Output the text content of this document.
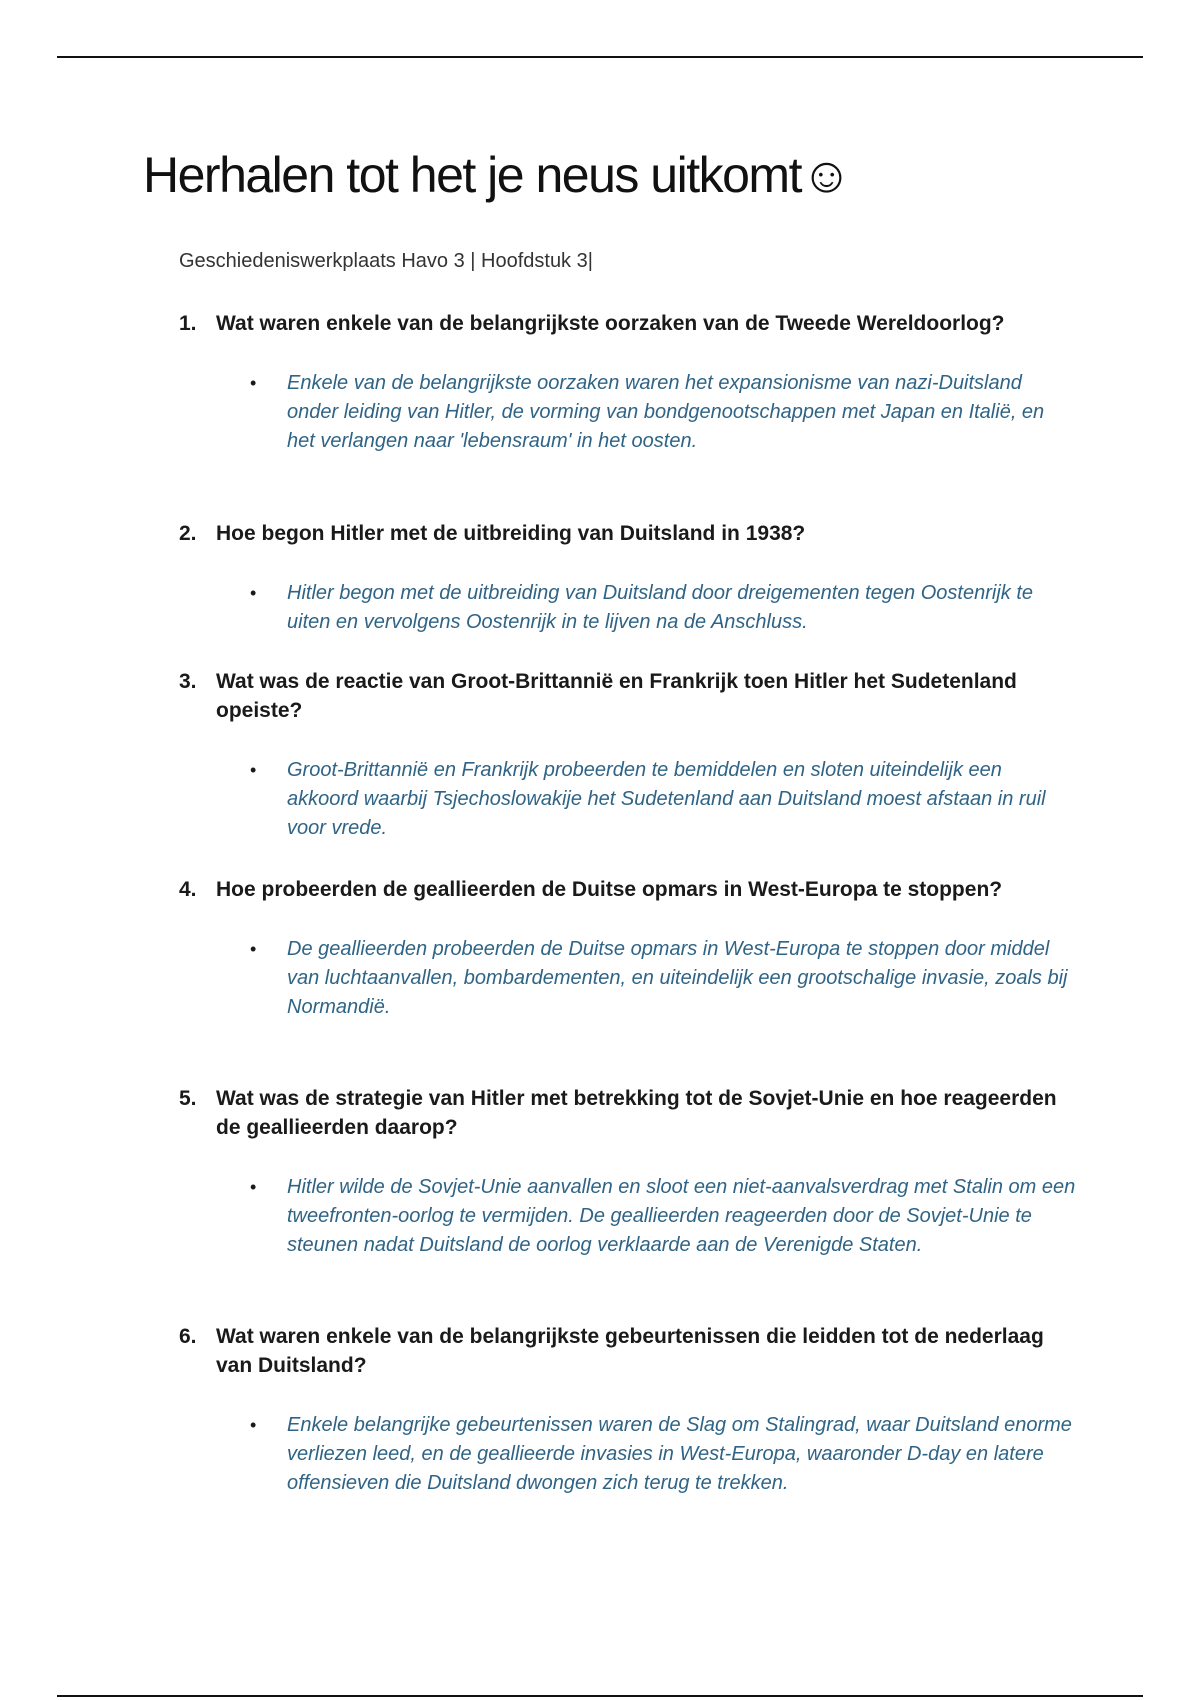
Herhalen tot het je neus uitkomt☺

Geschiedeniswerkplaats Havo 3 | Hoofdstuk 3|

1. Wat waren enkele van de belangrijkste oorzaken van de Tweede Wereldoorlog?

• Enkele van de belangrijkste oorzaken waren het expansionisme van nazi-Duitsland onder leiding van Hitler, de vorming van bondgenootschappen met Japan en Italië, en het verlangen naar 'lebensraum' in het oosten.

2. Hoe begon Hitler met de uitbreiding van Duitsland in 1938?

• Hitler begon met de uitbreiding van Duitsland door dreigementen tegen Oostenrijk te uiten en vervolgens Oostenrijk in te lijven na de Anschluss.

3. Wat was de reactie van Groot-Brittannië en Frankrijk toen Hitler het Sudetenland opeiste?

• Groot-Brittannië en Frankrijk probeerden te bemiddelen en sloten uiteindelijk een akkoord waarbij Tsjechoslowakije het Sudetenland aan Duitsland moest afstaan in ruil voor vrede.

4. Hoe probeerden de geallieerden de Duitse opmars in West-Europa te stoppen?

• De geallieerden probeerden de Duitse opmars in West-Europa te stoppen door middel van luchtaanvallen, bombardementen, en uiteindelijk een grootschalige invasie, zoals bij Normandië.

5. Wat was de strategie van Hitler met betrekking tot de Sovjet-Unie en hoe reageerden de geallieerden daarop?

• Hitler wilde de Sovjet-Unie aanvallen en sloot een niet-aanvalsverdrag met Stalin om een tweefronten-oorlog te vermijden. De geallieerden reageerden door de Sovjet-Unie te steunen nadat Duitsland de oorlog verklaarde aan de Verenigde Staten.

6. Wat waren enkele van de belangrijkste gebeurtenissen die leidden tot de nederlaag van Duitsland?

• Enkele belangrijke gebeurtenissen waren de Slag om Stalingrad, waar Duitsland enorme verliezen leed, en de geallieerde invasies in West-Europa, waaronder D-day en latere offensieven die Duitsland dwongen zich terug te trekken.
